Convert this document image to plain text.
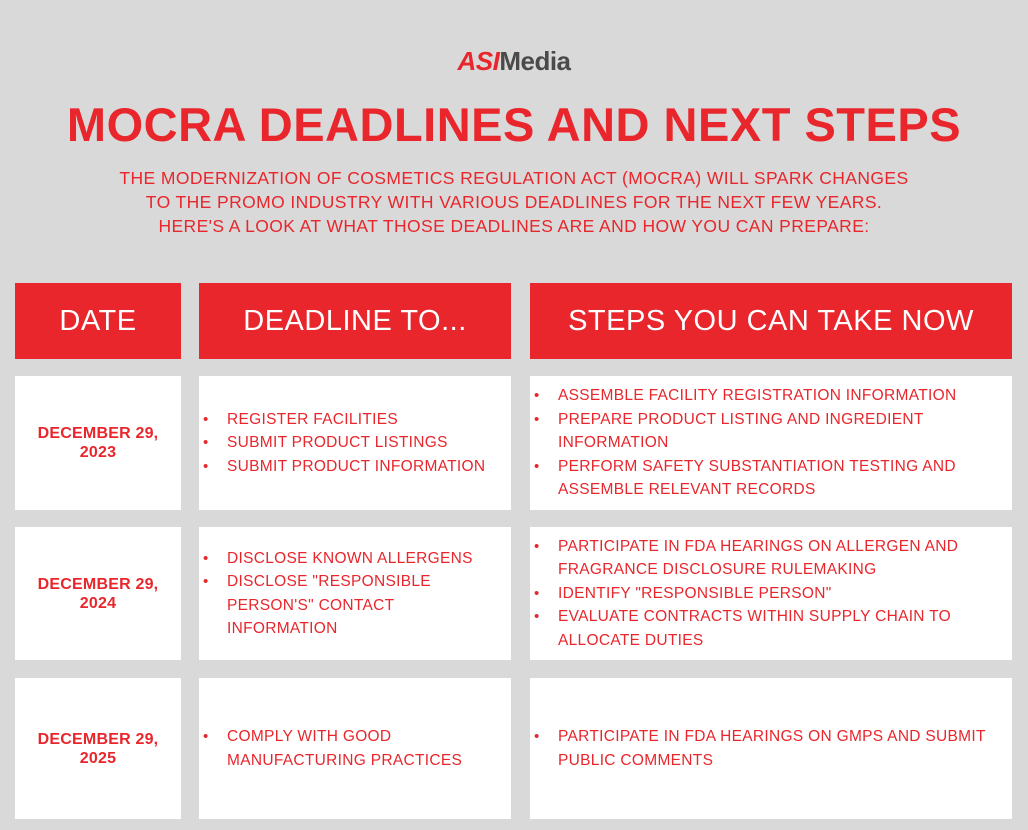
ASIMedia
MOCRA DEADLINES AND NEXT STEPS

THE MODERNIZATION OF COSMETICS REGULATION ACT (MOCRA) WILL SPARK CHANGES
TO THE PROMO INDUSTRY WITH VARIOUS DEADLINES FOR THE NEXT FEW YEARS.
HERE'S A LOOK AT WHAT THOSE DEADLINES ARE AND HOW YOU CAN PREPARE:

DATE	DEADLINE TO...	STEPS YOU CAN TAKE NOW
DECEMBER 29,
2023
• REGISTER FACILITIES
• SUBMIT PRODUCT LISTINGS
• SUBMIT PRODUCT INFORMATION
• ASSEMBLE FACILITY REGISTRATION INFORMATION
• PREPARE PRODUCT LISTING AND INGREDIENT INFORMATION
• PERFORM SAFETY SUBSTANTIATION TESTING AND ASSEMBLE RELEVANT RECORDS
DECEMBER 29,
2024
• DISCLOSE KNOWN ALLERGENS
• DISCLOSE "RESPONSIBLE PERSON'S" CONTACT INFORMATION
• PARTICIPATE IN FDA HEARINGS ON ALLERGEN AND FRAGRANCE DISCLOSURE RULEMAKING
• IDENTIFY "RESPONSIBLE PERSON"
• EVALUATE CONTRACTS WITHIN SUPPLY CHAIN TO ALLOCATE DUTIES
DECEMBER 29,
2025
• COMPLY WITH GOOD MANUFACTURING PRACTICES
• PARTICIPATE IN FDA HEARINGS ON GMPS AND SUBMIT PUBLIC COMMENTS
